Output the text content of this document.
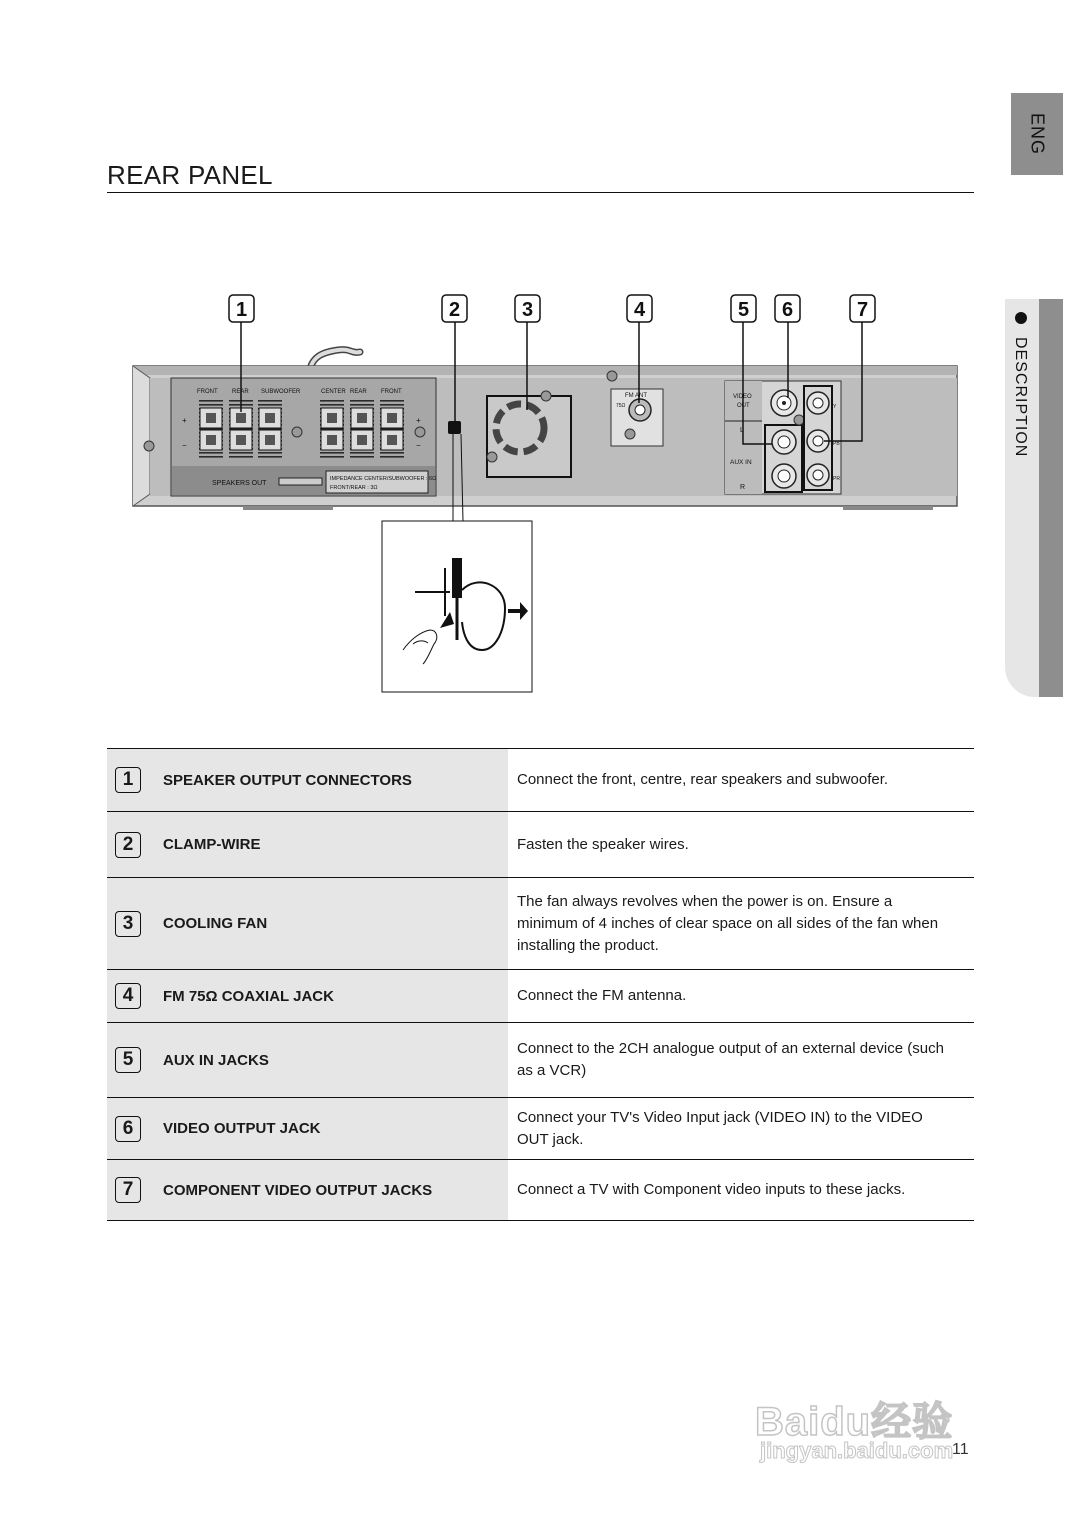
ENG
DESCRIPTION
REAR PANEL
FRONT REAR SUBWOOFER	CENTER REAR FRONT
+
−
+
−
SPEAKERS OUT
IMPEDANCE CENTER/SUBWOOFER : 6Ω
FRONT/REAR : 3Ω
FM ANT
75Ω
VIDEO
OUT
L
AUX IN
R
Y
PB
PR
1	2	3	4	5 6	7
1 SPEAKER OUTPUT CONNECTORS	Connect the front, centre, rear speakers and subwoofer.

2 CLAMP-WIRE	Fasten the speaker wires.

3 COOLING FAN	The fan always revolves when the power is on. Ensure a minimum of 4 inches of clear space on all sides of the fan when installing the product.

4 FM 75Ω COAXIAL JACK	Connect the FM antenna.

5 AUX IN JACKS	Connect to the 2CH analogue output of an external device (such as a VCR)

6 VIDEO OUTPUT JACK	Connect your TV's Video Input jack (VIDEO IN) to the VIDEO OUT jack.

7 COMPONENT VIDEO OUTPUT JACKS	Connect a TV with Component video inputs to these jacks.
Baidu经验
jingyan.baidu.com
11
